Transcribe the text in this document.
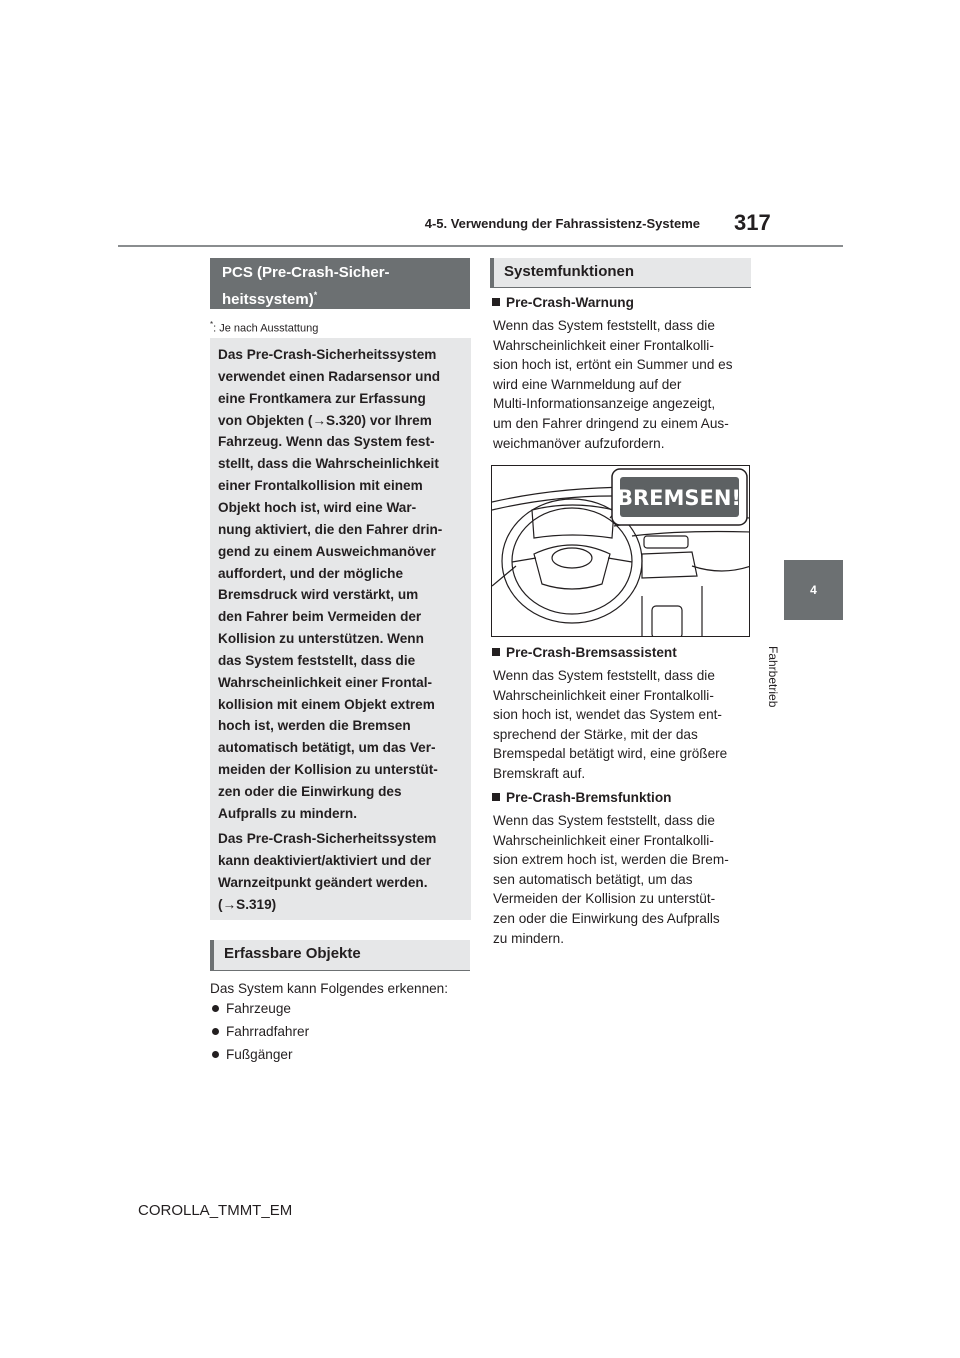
4-5. Verwendung der Fahrassistenz-Systeme 317
4
Fahrbetrieb
PCS (Pre-Crash-Sicher-
heitssystem)*
*: Je nach Ausstattung

Das Pre-Crash-Sicherheitssystem

verwendet einen Radarsensor und

eine Frontkamera zur Erfassung

von Objekten (→S.320) vor Ihrem

Fahrzeug. Wenn das System fest-

stellt, dass die Wahrscheinlichkeit

einer Frontalkollision mit einem

Objekt hoch ist, wird eine War-

nung aktiviert, die den Fahrer drin-

gend zu einem Ausweichmanöver

auffordert, und der mögliche

Bremsdruck wird verstärkt, um

den Fahrer beim Vermeiden der

Kollision zu unterstützen. Wenn

das System feststellt, dass die

Wahrscheinlichkeit einer Frontal-

kollision mit einem Objekt extrem

hoch ist, werden die Bremsen

automatisch betätigt, um das Ver-

meiden der Kollision zu unterstüt-

zen oder die Einwirkung des

Aufpralls zu mindern.

Das Pre-Crash-Sicherheitssystem

kann deaktiviert/aktiviert und der

Warnzeitpunkt geändert werden.

(→S.319)

Erfassbare Objekte

Das System kann Folgendes erkennen:

Fahrzeuge
Fahrradfahrer
Fußgänger
Systemfunktionen
Pre-Crash-Warnung
Wenn das System feststellt, dass die
Wahrscheinlichkeit einer Frontalkolli-
sion hoch ist, ertönt ein Summer und es
wird eine Warnmeldung auf der
Multi-Informationsanzeige angezeigt,
um den Fahrer dringend zu einem Aus-
weichmanöver aufzufordern.
BREMSEN!
Pre-Crash-Bremsassistent
Wenn das System feststellt, dass die
Wahrscheinlichkeit einer Frontalkolli-
sion hoch ist, wendet das System ent-
sprechend der Stärke, mit der das
Bremspedal betätigt wird, eine größere
Bremskraft auf.
Pre-Crash-Bremsfunktion
Wenn das System feststellt, dass die
Wahrscheinlichkeit einer Frontalkolli-
sion extrem hoch ist, werden die Brem-
sen automatisch betätigt, um das
Vermeiden der Kollision zu unterstüt-
zen oder die Einwirkung des Aufpralls
zu mindern.
COROLLA_TMMT_EM
